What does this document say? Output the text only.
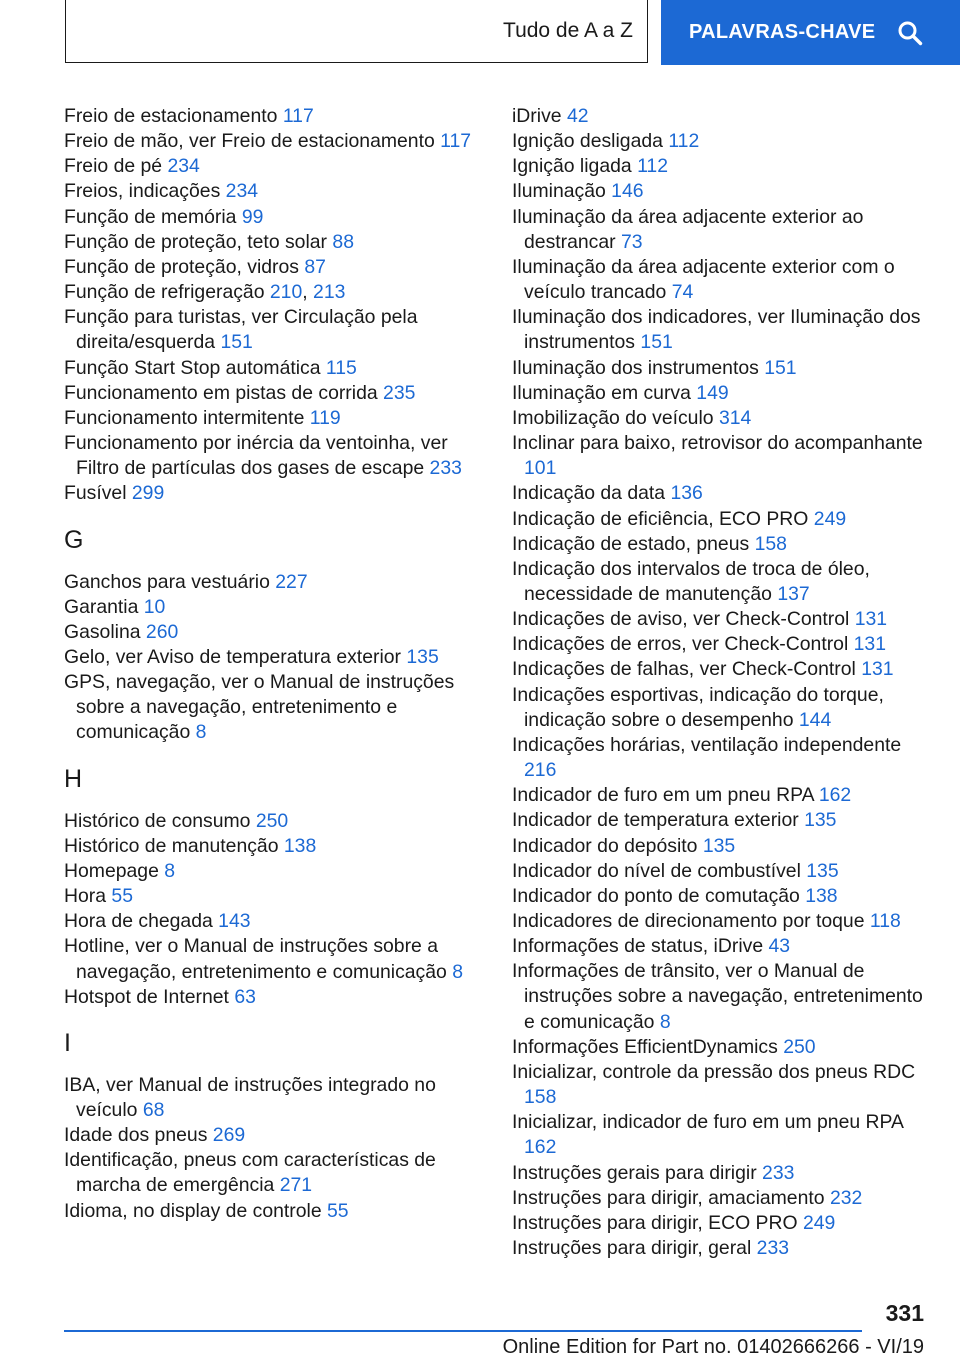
Tudo de A a Z	PALAVRAS-CHAVE
Freio de estacionamento 117
Freio de mão, ver Freio de estacionamento 117
Freio de pé 234
Freios, indicações 234
Função de memória 99
Função de proteção, teto solar 88
Função de proteção, vidros 87
Função de refrigeração 210, 213
Função para turistas, ver Circulação pela direita/esquerda 151
Função Start Stop automática 115
Funcionamento em pistas de corrida 235
Funcionamento intermitente 119
Funcionamento por inércia da ventoinha, ver Filtro de partículas dos gases de escape 233
Fusível 299
G
Ganchos para vestuário 227
Garantia 10
Gasolina 260
Gelo, ver Aviso de temperatura exterior 135
GPS, navegação, ver o Manual de instruções sobre a navegação, entretenimento e comunicação 8
H
Histórico de consumo 250
Histórico de manutenção 138
Homepage 8
Hora 55
Hora de chegada 143
Hotline, ver o Manual de instruções sobre a navegação, entretenimento e comunicação 8
Hotspot de Internet 63
I
IBA, ver Manual de instruções integrado no veículo 68
Idade dos pneus 269
Identificação, pneus com características de marcha de emergência 271
Idioma, no display de controle 55
iDrive 42
Ignição desligada 112
Ignição ligada 112
Iluminação 146
Iluminação da área adjacente exterior ao destrancar 73
Iluminação da área adjacente exterior com o veículo trancado 74
Iluminação dos indicadores, ver Iluminação dos instrumentos 151
Iluminação dos instrumentos 151
Iluminação em curva 149
Imobilização do veículo 314
Inclinar para baixo, retrovisor do acompanhante 101
Indicação da data 136
Indicação de eficiência, ECO PRO 249
Indicação de estado, pneus 158
Indicação dos intervalos de troca de óleo, necessidade de manutenção 137
Indicações de aviso, ver Check-Control 131
Indicações de erros, ver Check-Control 131
Indicações de falhas, ver Check-Control 131
Indicações esportivas, indicação do torque, indicação sobre o desempenho 144
Indicações horárias, ventilação independente 216
Indicador de furo em um pneu RPA 162
Indicador de temperatura exterior 135
Indicador do depósito 135
Indicador do nível de combustível 135
Indicador do ponto de comutação 138
Indicadores de direcionamento por toque 118
Informações de status, iDrive 43
Informações de trânsito, ver o Manual de instruções sobre a navegação, entretenimento e comunicação 8
Informações EfficientDynamics 250
Inicializar, controle da pressão dos pneus RDC 158
Inicializar, indicador de furo em um pneu RPA 162
Instruções gerais para dirigir 233
Instruções para dirigir, amaciamento 232
Instruções para dirigir, ECO PRO 249
Instruções para dirigir, geral 233
331
Online Edition for Part no. 01402666266 - VI/19
